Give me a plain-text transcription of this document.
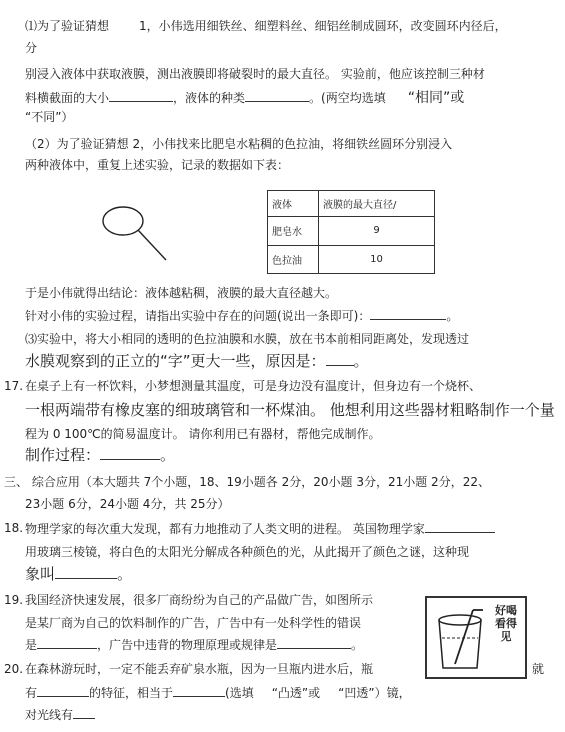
⑴为了验证猜想	1，小伟选用细铁丝、细塑料丝、细铝丝制成圆环，改变圆环内径后，
分
别浸入液体中获取液膜，测出液膜即将破裂时的最大直径。 实验前，他应该控制三种材
料横截面的大小	，液体的种类	。(两空均选填 “相同”或
“不同”）
（2）为了验证猜想 2，小伟找来比肥皂水粘稠的色拉油，将细铁丝圆环分别浸入
两种液体中，重复上述实验，记录的数据如下表：
液体	液膜的最大直径/
肥皂水	9
色拉油	10
于是小伟就得出结论：液体越粘稠，液膜的最大直径越大。
针对小伟的实验过程，请指出实验中存在的问题(说出一条即可)：	。
⑶实验中，将大小相同的透明的色拉油膜和水膜，放在书本前相同距离处，发现透过
水膜观察到的正立的“字”更大一些，原因是： 。
17. 在桌子上有一杯饮料，小梦想测量其温度，可是身边没有温度计，但身边有一个烧杯、
一根两端带有橡皮塞的细玻璃管和一杯煤油。 他想利用这些器材粗略制作一个量
程为 0 100℃的简易温度计。 请你利用已有器材，帮他完成制作。
制作过程：	。
三、 综合应用（本大题共 7个小题，18、19小题各 2分，20小题 3分，21小题 2分，22、
23小题 6分，24小题 4分，共 25分）
18. 物理学家的每次重大发现，都有力地推动了人类文明的进程。 英国物理学家
用玻璃三棱镜，将白色的太阳光分解成各种颜色的光，从此揭开了颜色之谜，这种现
象叫	。
19. 我国经济快速发展，很多厂商纷纷为自己的产品做广告，如图所示
是某厂商为自己的饮料制作的广告，广告中有一处科学性的错误
是	，广告中违背的物理原理或规律是	。
好喝
看得见
20. 在森林游玩时，一定不能丢弃矿泉水瓶，因为一旦瓶内进水后，瓶	就
有	的特征，相当于	(选填 “凸透”或 “凹透”）镜，
对光线有
